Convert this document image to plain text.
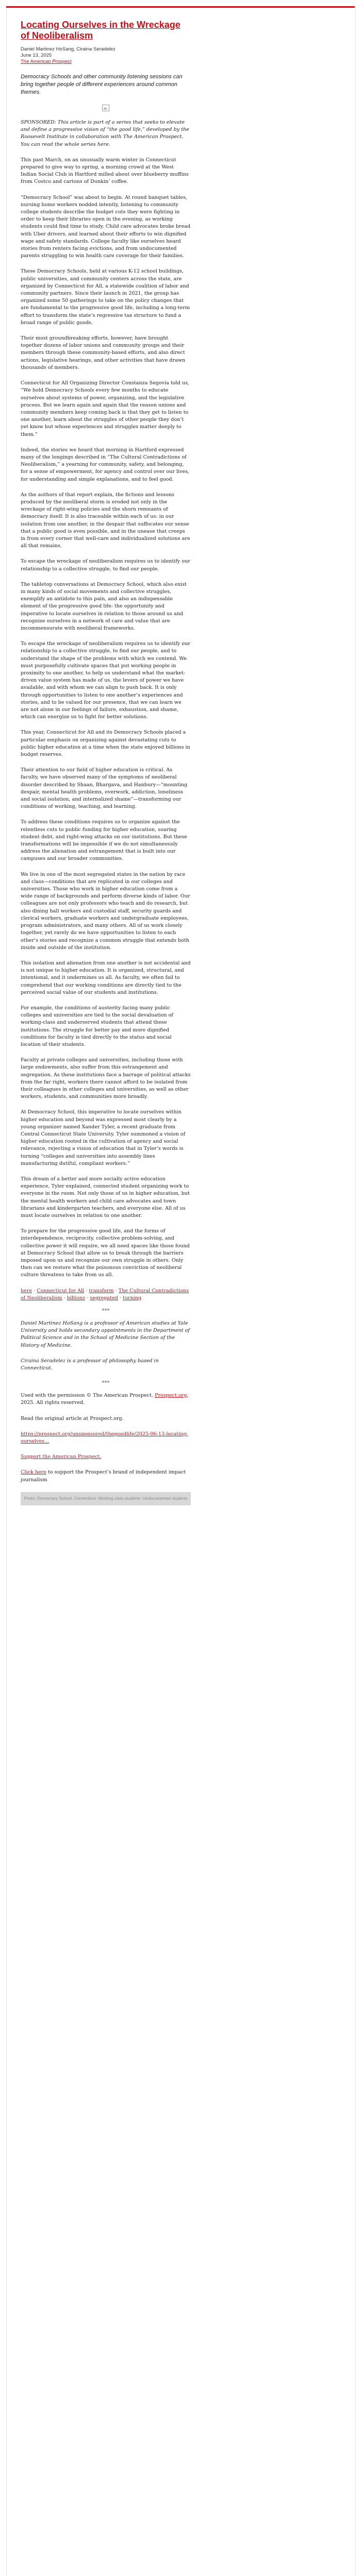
Locating Ourselves in the Wreckage of Neoliberalism
Daniel Martinez HoSang, Ciraina Seradelez
June 13, 2025
The American Prospect
Democracy Schools and other community listening sessions can bring together people of different experiences around common themes.

SPONSORED: This article is part of a series that seeks to elevate and define a progressive vision of “the good life,” developed by the Roosevelt Institute in collaboration with The American Prospect. You can read the whole series here.

This past March, on an unusually warm winter in Connecticut prepared to give way to spring, a morning crowd at the West Indian Social Club in Hartford milled about over blueberry muffins from Costco and cartons of Dunkin’ coffee.

“Democracy School” was about to begin. At round banquet tables, nursing home workers nodded intently, listening to community college students describe the budget cuts they were fighting in order to keep their libraries open in the evening, as working students could find time to study. Child care advocates broke bread with Uber drivers, and learned about their efforts to win dignified wage and safety standards. College faculty like ourselves heard stories from renters facing evictions, and from undocumented parents struggling to win health care coverage for their families.

These Democracy Schools, held at various K-12 school buildings, public universities, and community centers across the state, are organized by Connecticut for All, a statewide coalition of labor and community partners. Since their launch in 2021, the group has organized some 50 gatherings to take on the policy changes that are fundamental to the progressive good life, including a long-term effort to transform the state’s regressive tax structure to fund a broad range of public goods.

Their most groundbreaking efforts, however, have brought together dozens of labor unions and community groups and their members through these community-based efforts, and also direct actions, legislative hearings, and other activities that have drawn thousands of members.

Connecticut for All Organizing Director Constanza Segovia told us, “We hold Democracy Schools every few months to educate ourselves about systems of power, organizing, and the legislative process. But we learn again and again that the reason unions and community members keep coming back is that they get to listen to one another, learn about the struggles of other people they don’t yet know but whose experiences and struggles matter deeply to them.”

Indeed, the stories we heard that morning in Hartford expressed many of the longings described in “The Cultural Contradictions of Neoliberalism,” a yearning for community, safety, and belonging, for a sense of empowerment, for agency and control over our lives, for understanding and simple explanations, and to feel good.

As the authors of that report explain, the fictions and lessons produced by the neoliberal storm is eroded not only in the wreckage of right-wing policies and the shorn remnants of democracy itself. It is also traceable within each of us: in our isolation from one another, in the despair that suffocates our sense that a public good is even possible, and in the unease that creeps in from every corner that well-care and individualized solutions are all that remains.

To escape the wreckage of neoliberalism requires us to identify our relationship to a collective struggle, to find our people.

The tabletop conversations at Democracy School, which also exist in many kinds of social movements and collective struggles, exemplify an antidote to this pain, and also an indispensable element of the progressive good life: the opportunity and imperative to locate ourselves in relation to those around us and recognize ourselves in a network of care and value that are incommensurate with neoliberal frameworks.

To escape the wreckage of neoliberalism requires us to identify our relationship to a collective struggle, to find our people, and to understand the shape of the problems with which we contend. We must purposefully cultivate spaces that put working people in proximity to one another, to help us understand what the market-driven value system has made of us, the levers of power we have available, and with whom we can align to push back. It is only through opportunities to listen to one another’s experiences and stories, and to be valued for our presence, that we can learn we are not alone in our feelings of failure, exhaustion, and shame, which can energize us to fight for better solutions.

This year, Connecticut for All and its Democracy Schools placed a particular emphasis on organizing against devastating cuts to public higher education at a time when the state enjoyed billions in budget reserves.

Their attention to our field of higher education is critical. As faculty, we have observed many of the symptoms of neoliberal disorder described by Shaan, Bhargava, and Hanbury—“mounting despair, mental health problems, overwork, addiction, loneliness and social isolation, and internalized shame”—transforming our conditions of working, teaching, and learning.

To address these conditions requires us to organize against the relentless cuts to public funding for higher education, soaring student debt, and right-wing attacks on our institutions. But these transformations will be impossible if we do not simultaneously address the alienation and estrangement that is built into our campuses and our broader communities.

We live in one of the most segregated states in the nation by race and class—conditions that are replicated in our colleges and universities. Those who work in higher education come from a wide range of backgrounds and perform diverse kinds of labor. Our colleagues are not only professors who teach and do research, but also dining hall workers and custodial staff, security guards and clerical workers, graduate workers and undergraduate employees, program administrators, and many others. All of us work closely together, yet rarely do we have opportunities to listen to each other’s stories and recognize a common struggle that extends both inside and outside of the institution.

This isolation and alienation from one another is not accidental and is not unique to higher education. It is organized, structural, and intentional, and it undermines us all. As faculty, we often fail to comprehend that our working conditions are directly tied to the perceived social value of our students and institutions.

For example, the conditions of austerity facing many public colleges and universities are tied to the social devaluation of working-class and underserved students that attend these institutions. The struggle for better pay and more dignified conditions for faculty is tied directly to the status and social location of their students.

Faculty at private colleges and universities, including those with large endowments, also suffer from this estrangement and segregation. As these institutions face a barrage of political attacks from the far right, workers there cannot afford to be isolated from their colleagues in other colleges and universities, as well as other workers, students, and communities more broadly.

At Democracy School, this imperative to locate ourselves within higher education and beyond was expressed most clearly by a young organizer named Xander Tyler, a recent graduate from Central Connecticut State University. Tyler summoned a vision of higher education rooted in the cultivation of agency and social relevance, rejecting a vision of education that in Tyler’s words is turning “colleges and universities into assembly lines manufacturing dutiful, compliant workers.”

This dream of a better and more socially active education experience, Tyler explained, connected student organizing work to everyone in the room. Not only those of us in higher education, but the mental health workers and child care advocates and town librarians and kindergarten teachers, and everyone else. All of us must locate ourselves in relation to one another.

To prepare for the progressive good life, and the forms of interdependence, reciprocity, collective problem-solving, and collective power it will require, we all need spaces like those found at Democracy School that allow us to break through the barriers imposed upon us and recognize our own struggle in others. Only then can we restore what the poisonous conviction of neoliberal culture threatens to take from us all.

here · Connecticut for All · transform · The Cultural Contradictions of Neoliberalism · billions · segregated · turning

***

Daniel Martinez HoSang is a professor of American studies at Yale University and holds secondary appointments in the Department of Political Science and in the School of Medicine Section of the History of Medicine.

Ciraina Seradelez is a professor of philosophy based in Connecticut.

***

Used with the permission © The American Prospect, Prospect.org, 2025. All rights reserved.

Read the original article at Prospect.org.

https://prospect.org/unsponsored/thegoodlife/2025-06-13-locating-ourselves...

Support the American Prospect.

Click here to support the Prospect’s brand of independent impact journalism

Photo: Democracy School, Connecticut: Working class students: Undocumented students
